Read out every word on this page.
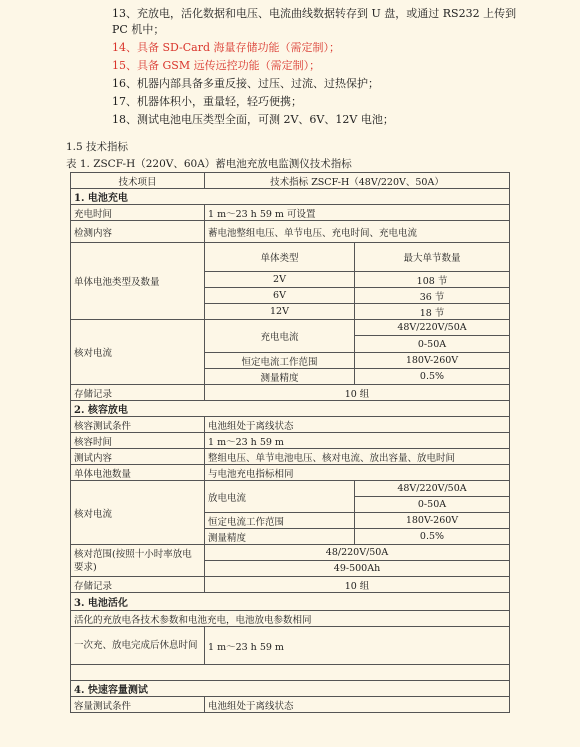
13、充放电，活化数据和电压、电流曲线数据转存到 U 盘，或通过 RS232 上传到
PC 机中；
14、具备 SD-Card 海量存储功能（需定制）；
15、具备 GSM 远传远控功能（需定制）；
16、机器内部具备多重反接、过压、过流、过热保护；
17、机器体积小，重量轻，轻巧便携；
18、测试电池电压类型全面，可测 2V、6V、12V 电池；
1.5 技术指标
表 1. ZSCF-H（220V、60A）蓄电池充放电监测仪技术指标
技术项目	技术指标 ZSCF-H（48V/220V、50A）	
1. 电池充电		
充电时间	1 m～23 h 59 m 可设置	
检测内容	蓄电池整组电压、单节电压、充电时间、充电电流	
单体电池类型及数量	单体类型	最大单节数量
	2V	108 节
	6V	36 节
	12V	18 节
核对电流	充电电流	48V/220V/50A
		0-50A
	恒定电流工作范围	180V-260V
	测量精度	0.5%
存储记录	10 组	
2. 核容放电		
核容测试条件	电池组处于离线状态	
核容时间	1 m～23 h 59 m	
测试内容	整组电压、单节电池电压、核对电流、放出容量、放电时间	
单体电池数量	与电池充电指标相同	
核对电流	放电电流	48V/220V/50A
		0-50A
	恒定电流工作范围	180V-260V
	测量精度	0.5%
核对范围(按照十小时率放电要求)	48/220V/50A	
	49-500Ah	
存储记录	10 组	
3. 电池活化		
活化的充放电各技术参数和电池充电，电池放电参数相同		
一次充、放电完成后休息时间	1 m～23 h 59 m	

4. 快速容量测试		
容量测试条件	电池组处于离线状态	
